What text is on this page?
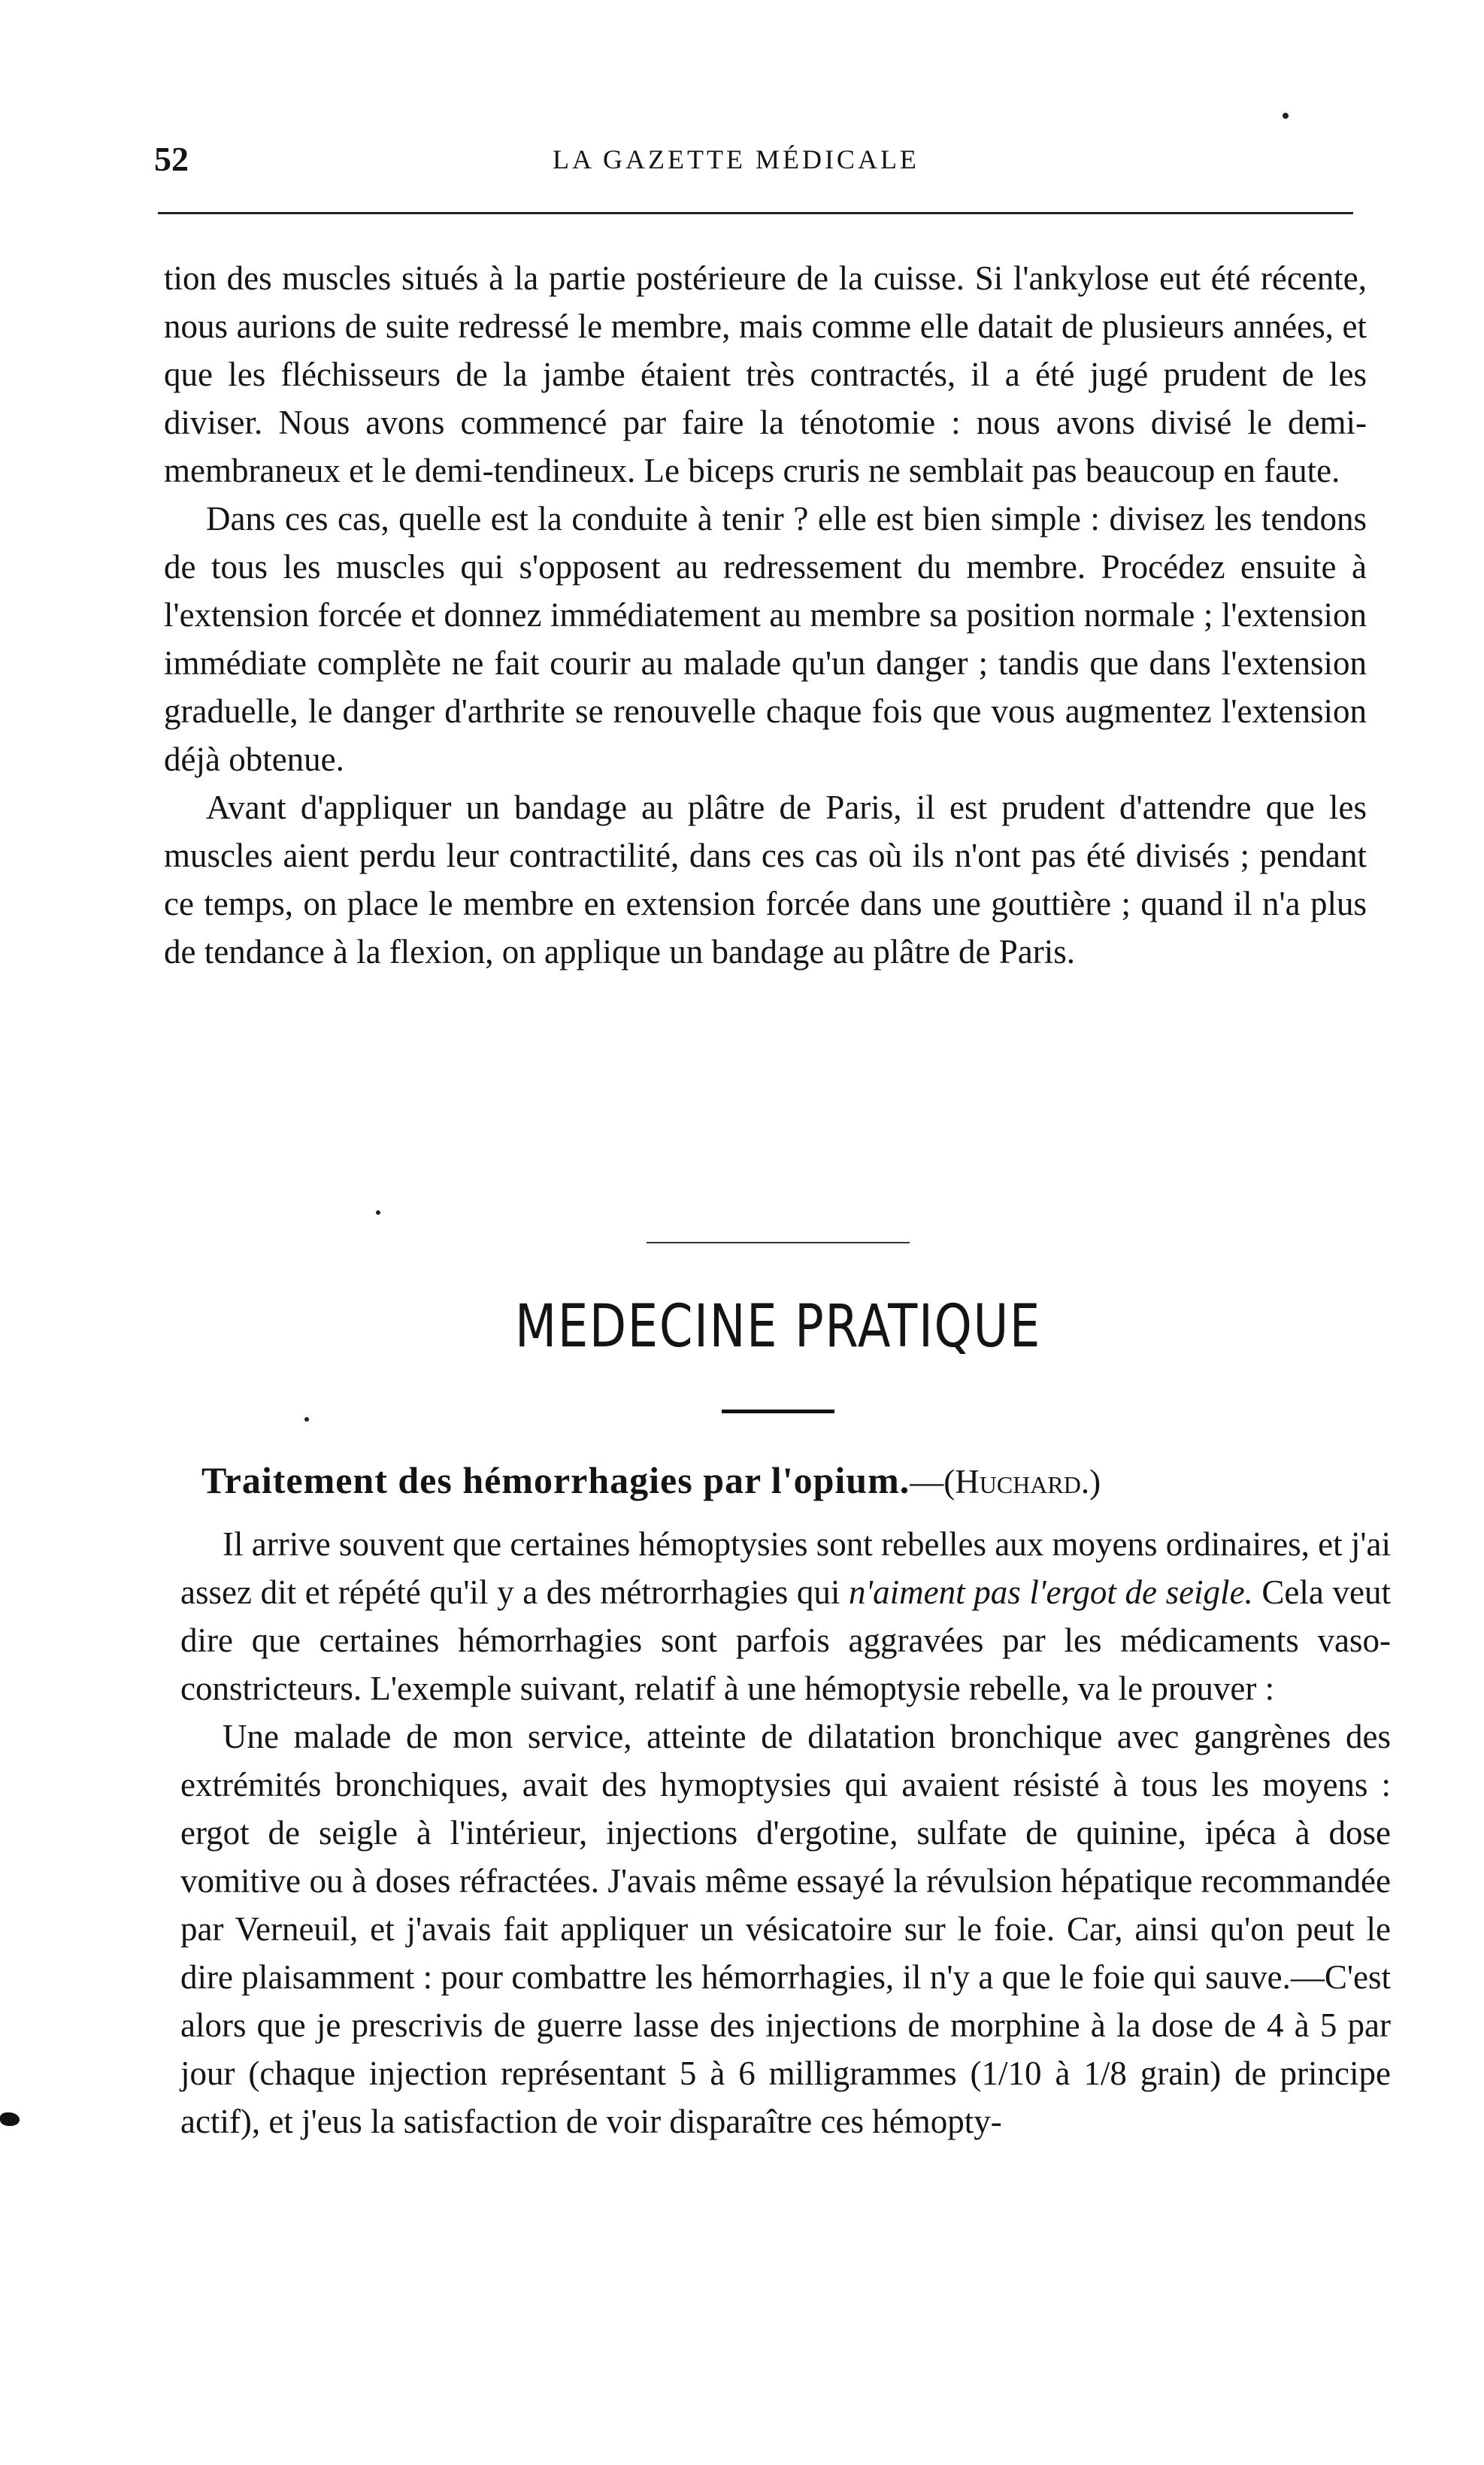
52	LA GAZETTE MÉDICALE

tion des muscles situés à la partie postérieure de la cuisse. Si l'ankylose eut été récente, nous aurions de suite redressé le membre, mais comme elle datait de plusieurs années, et que les fléchisseurs de la jambe étaient très contractés, il a été jugé prudent de les diviser. Nous avons commencé par faire la ténotomie : nous avons divisé le demi-membraneux et le demi-tendineux. Le biceps cruris ne semblait pas beaucoup en faute.

Dans ces cas, quelle est la conduite à tenir ? elle est bien simple : divisez les tendons de tous les muscles qui s'opposent au redressement du membre. Procédez ensuite à l'extension forcée et donnez immédiatement au membre sa position normale ; l'extension immédiate complète ne fait courir au malade qu'un danger ; tandis que dans l'extension graduelle, le danger d'arthrite se renouvelle chaque fois que vous augmentez l'extension déjà obtenue.

Avant d'appliquer un bandage au plâtre de Paris, il est prudent d'attendre que les muscles aient perdu leur contractilité, dans ces cas où ils n'ont pas été divisés ; pendant ce temps, on place le membre en extension forcée dans une gouttière ; quand il n'a plus de tendance à la flexion, on applique un bandage au plâtre de Paris.

MEDECINE PRATIQUE
Traitement des hémorrhagies par l'opium.—(Huchard.)

Il arrive souvent que certaines hémoptysies sont rebelles aux moyens ordinaires, et j'ai assez dit et répété qu'il y a des métrorrhagies qui n'aiment pas l'ergot de seigle. Cela veut dire que certaines hémorrhagies sont parfois aggravées par les médicaments vaso-constricteurs. L'exemple suivant, relatif à une hémoptysie rebelle, va le prouver :

Une malade de mon service, atteinte de dilatation bronchique avec gangrènes des extrémités bronchiques, avait des hymoptysies qui avaient résisté à tous les moyens : ergot de seigle à l'intérieur, injections d'ergotine, sulfate de quinine, ipéca à dose vomitive ou à doses réfractées. J'avais même essayé la révulsion hépatique recommandée par Verneuil, et j'avais fait appliquer un vésicatoire sur le foie. Car, ainsi qu'on peut le dire plaisamment : pour combattre les hémorrhagies, il n'y a que le foie qui sauve.—C'est alors que je prescrivis de guerre lasse des injections de morphine à la dose de 4 à 5 par jour (chaque injection représentant 5 à 6 milligrammes (1/10 à 1/8 grain) de principe actif), et j'eus la satisfaction de voir disparaître ces hémopty-
